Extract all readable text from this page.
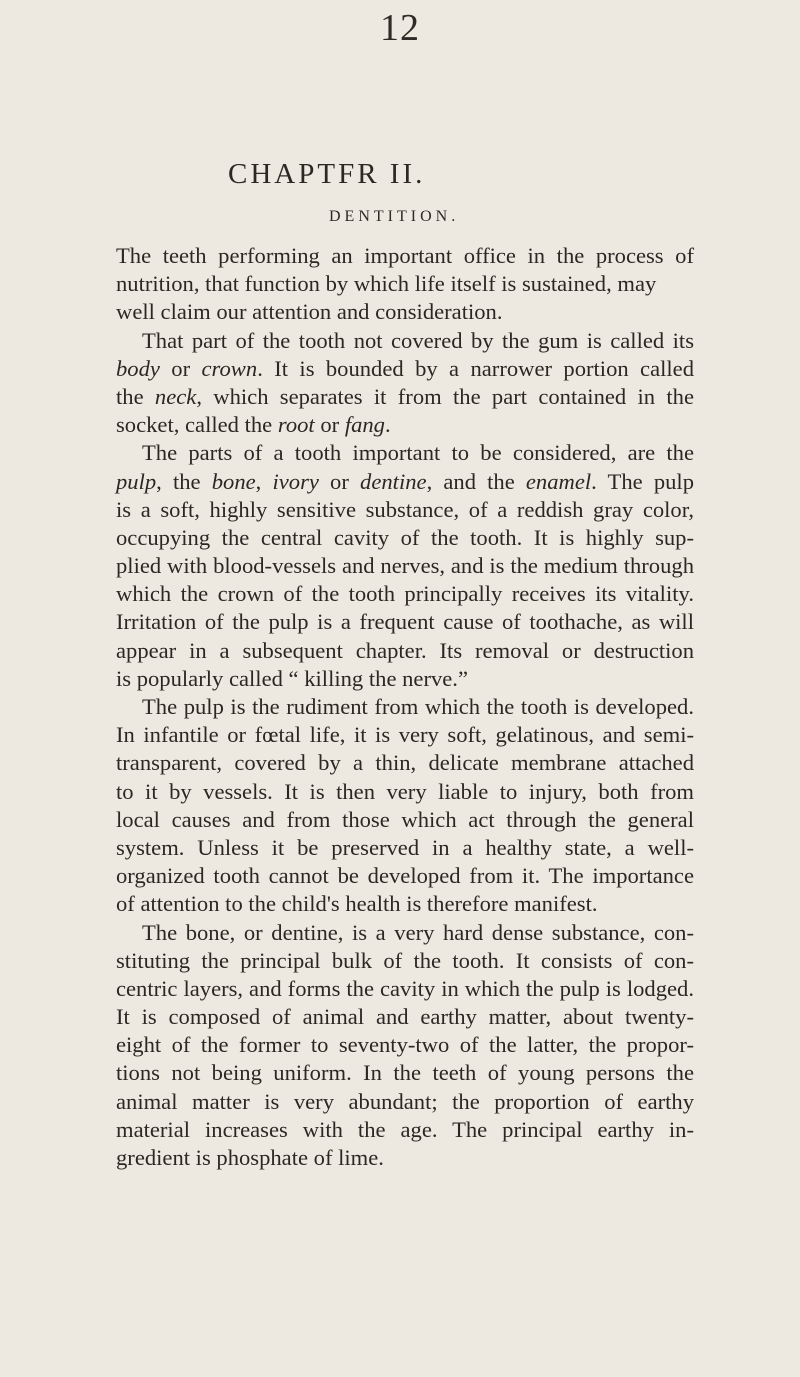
12
CHAPTFR II.
DENTITION.
The teeth performing an important office in the process of
nutrition, that function by which life itself is sustained, may
well claim our attention and consideration.
That part of the tooth not covered by the gum is called its
body or crown. It is bounded by a narrower portion called
the neck, which separates it from the part contained in the
socket, called the root or fang.
The parts of a tooth important to be considered, are the
pulp, the bone, ivory or dentine, and the enamel. The pulp
is a soft, highly sensitive substance, of a reddish gray color,
occupying the central cavity of the tooth. It is highly sup-
plied with blood-vessels and nerves, and is the medium through
which the crown of the tooth principally receives its vitality.
Irritation of the pulp is a frequent cause of toothache, as will
appear in a subsequent chapter. Its removal or destruction
is popularly called “ killing the nerve.”
The pulp is the rudiment from which the tooth is developed.
In infantile or fœtal life, it is very soft, gelatinous, and semi-
transparent, covered by a thin, delicate membrane attached
to it by vessels. It is then very liable to injury, both from
local causes and from those which act through the general
system. Unless it be preserved in a healthy state, a well-
organized tooth cannot be developed from it. The importance
of attention to the child's health is therefore manifest.
The bone, or dentine, is a very hard dense substance, con-
stituting the principal bulk of the tooth. It consists of con-
centric layers, and forms the cavity in which the pulp is lodged.
It is composed of animal and earthy matter, about twenty-
eight of the former to seventy-two of the latter, the propor-
tions not being uniform. In the teeth of young persons the
animal matter is very abundant; the proportion of earthy
material increases with the age. The principal earthy in-
gredient is phosphate of lime.
